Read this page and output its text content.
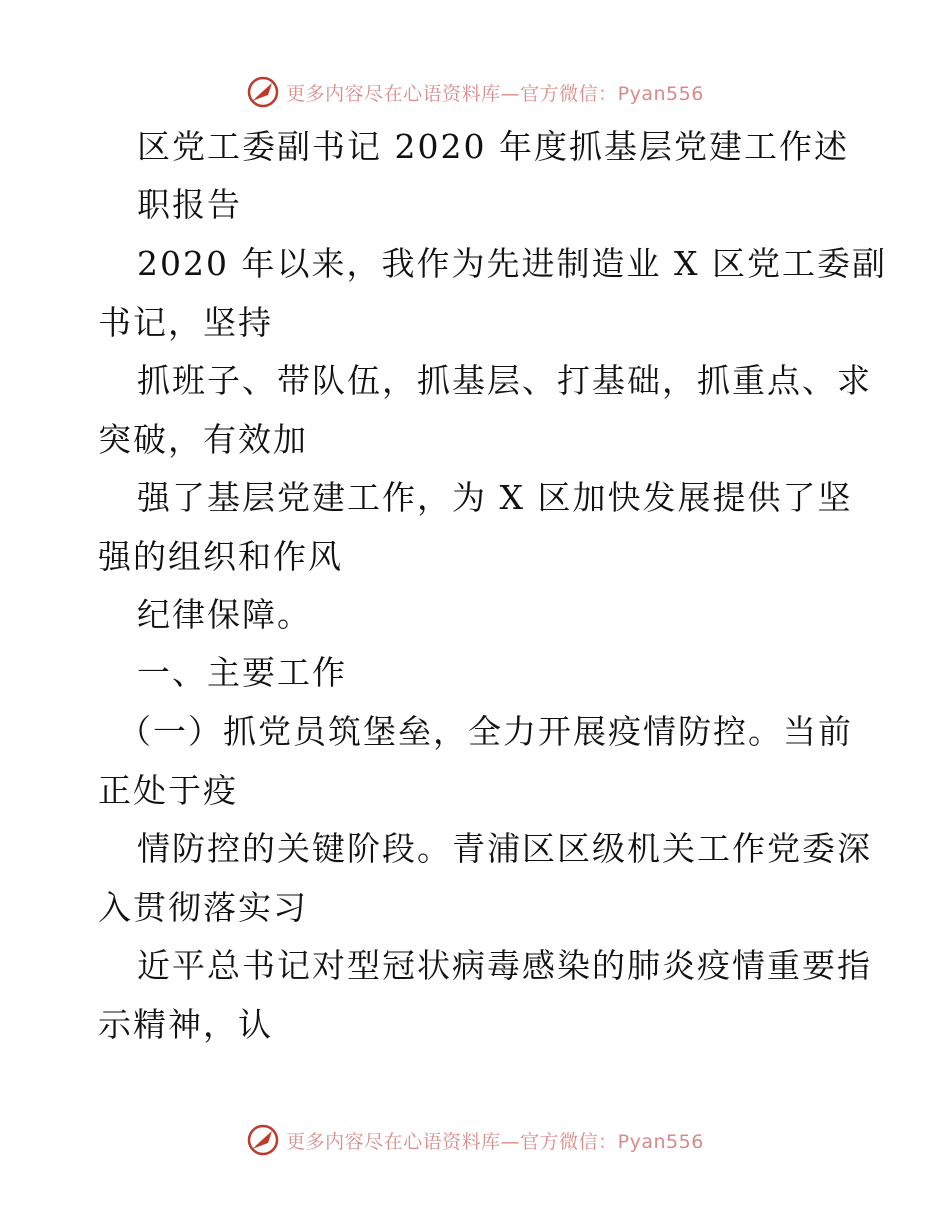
更多内容尽在心语资料库—官方微信：Pyan556
区党工委副书记 2020 年度抓基层党建工作述
职报告
2020 年以来，我作为先进制造业 X 区党工委副
书记，坚持
抓班子、带队伍，抓基层、打基础，抓重点、求
突破，有效加
强了基层党建工作，为 X 区加快发展提供了坚
强的组织和作风
纪律保障。
一、主要工作
（一）抓党员筑堡垒，全力开展疫情防控。当前
正处于疫
情防控的关键阶段。青浦区区级机关工作党委深
入贯彻落实习
近平总书记对型冠状病毒感染的肺炎疫情重要指
示精神，认
更多内容尽在心语资料库—官方微信：Pyan556
